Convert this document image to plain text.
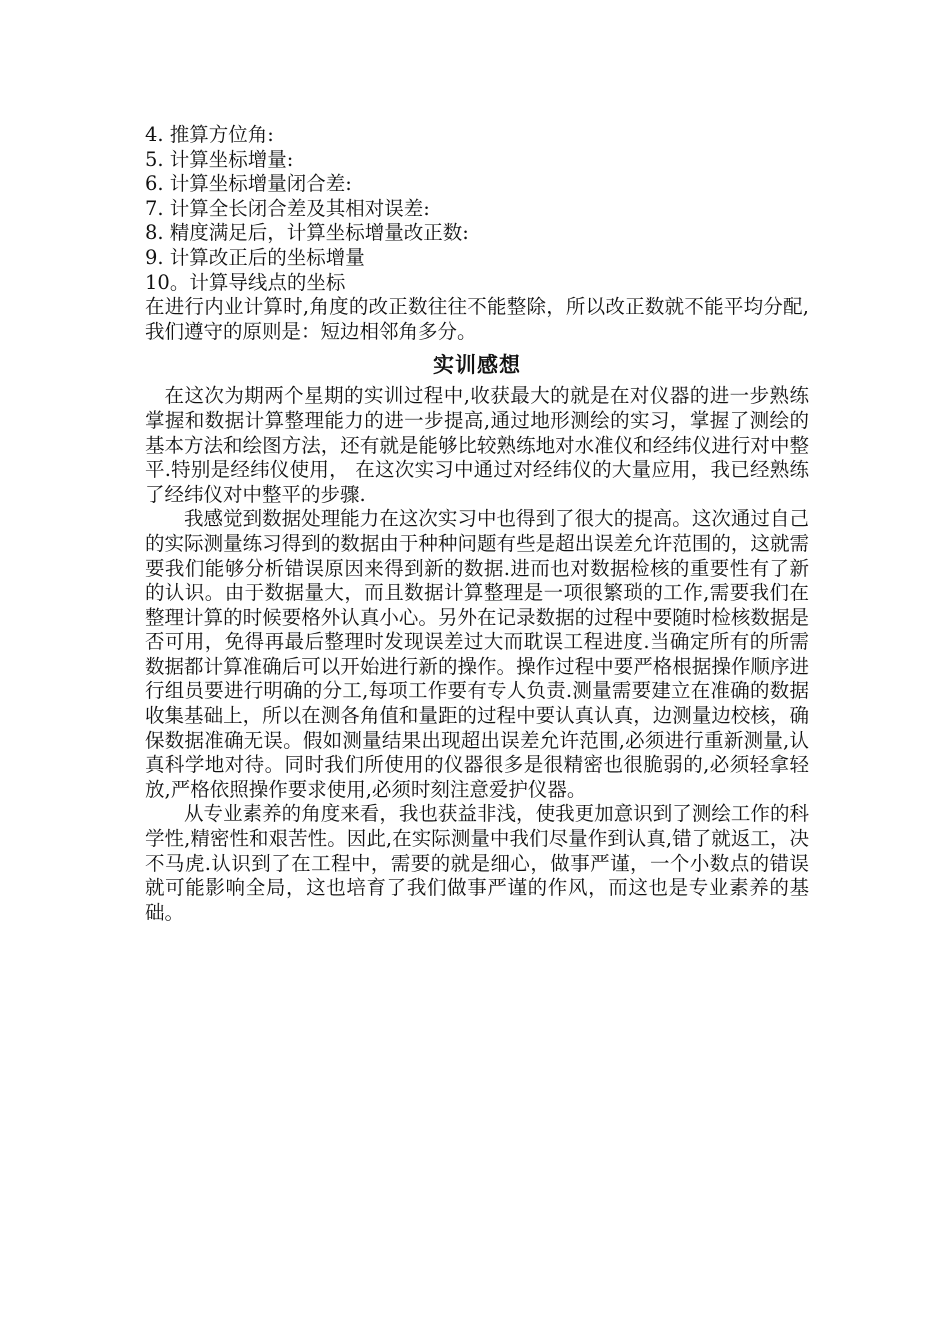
4. 推算方位角:
5. 计算坐标增量:
6. 计算坐标增量闭合差:
7. 计算全长闭合差及其相对误差:
8. 精度满足后，计算坐标增量改正数:
9. 计算改正后的坐标增量
10。计算导线点的坐标

在进行内业计算时,角度的改正数往往不能整除，所以改正数就不能平均分配,我们遵守的原则是：短边相邻角多分。

实训感想

在这次为期两个星期的实训过程中,收获最大的就是在对仪器的进一步熟练掌握和数据计算整理能力的进一步提高,通过地形测绘的实习，掌握了测绘的基本方法和绘图方法，还有就是能够比较熟练地对水准仪和经纬仪进行对中整平.特别是经纬仪使用， 在这次实习中通过对经纬仪的大量应用，我已经熟练了经纬仪对中整平的步骤.

我感觉到数据处理能力在这次实习中也得到了很大的提高。这次通过自己的实际测量练习得到的数据由于种种问题有些是超出误差允许范围的，这就需要我们能够分析错误原因来得到新的数据.进而也对数据检核的重要性有了新的认识。由于数据量大，而且数据计算整理是一项很繁琐的工作,需要我们在整理计算的时候要格外认真小心。另外在记录数据的过程中要随时检核数据是否可用，免得再最后整理时发现误差过大而耽误工程进度.当确定所有的所需数据都计算准确后可以开始进行新的操作。操作过程中要严格根据操作顺序进行组员要进行明确的分工,每项工作要有专人负责.测量需要建立在准确的数据收集基础上，所以在测各角值和量距的过程中要认真认真，边测量边校核，确保数据准确无误。假如测量结果出现超出误差允许范围,必须进行重新测量,认真科学地对待。同时我们所使用的仪器很多是很精密也很脆弱的,必须轻拿轻放,严格依照操作要求使用,必须时刻注意爱护仪器。

从专业素养的角度来看，我也获益非浅，使我更加意识到了测绘工作的科学性,精密性和艰苦性。因此,在实际测量中我们尽量作到认真,错了就返工，决不马虎.认识到了在工程中，需要的就是细心，做事严谨，一个小数点的错误就可能影响全局，这也培育了我们做事严谨的作风，而这也是专业素养的基础。
